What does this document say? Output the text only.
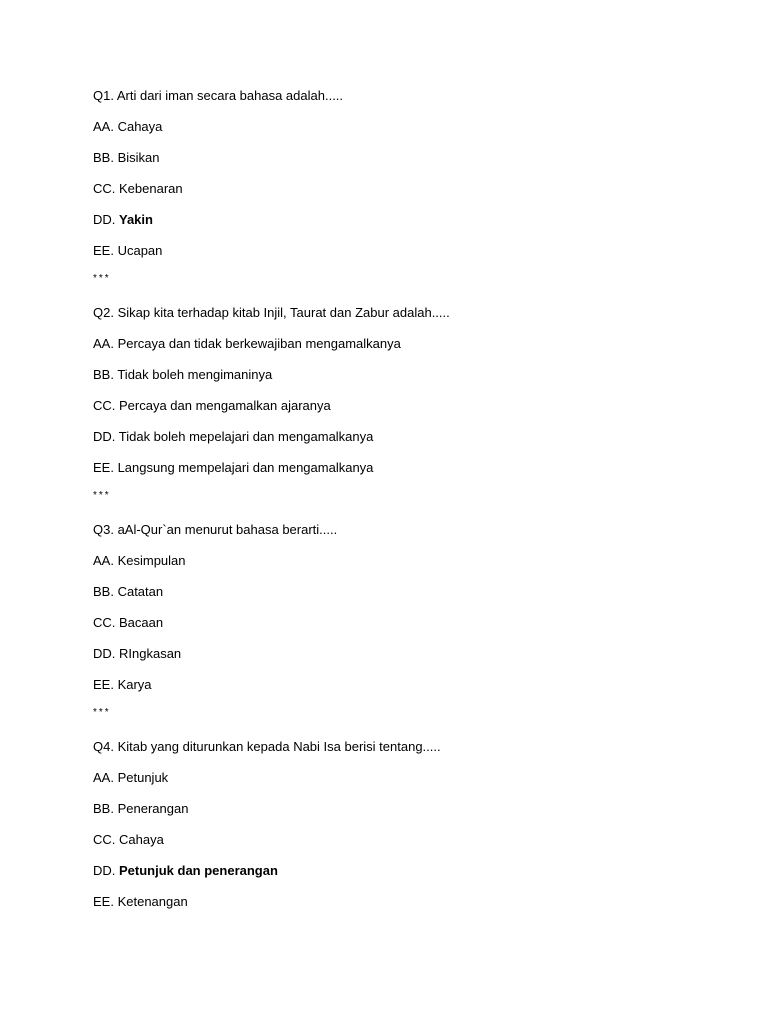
Q1. Arti dari iman secara bahasa adalah.....
AA. Cahaya
BB. Bisikan
CC. Kebenaran
DD. Yakin
EE. Ucapan
***
Q2. Sikap kita terhadap kitab Injil, Taurat dan Zabur adalah.....
AA. Percaya dan tidak berkewajiban mengamalkanya
BB. Tidak boleh mengimaninya
CC. Percaya dan mengamalkan ajaranya
DD. Tidak boleh mepelajari dan mengamalkanya
EE. Langsung mempelajari dan mengamalkanya
***
Q3. aAl-Qur`an menurut bahasa berarti.....
AA. Kesimpulan
BB. Catatan
CC. Bacaan
DD. RIngkasan
EE. Karya
***
Q4. Kitab yang diturunkan kepada Nabi Isa berisi tentang.....
AA. Petunjuk
BB. Penerangan
CC. Cahaya
DD. Petunjuk dan penerangan
EE. Ketenangan
